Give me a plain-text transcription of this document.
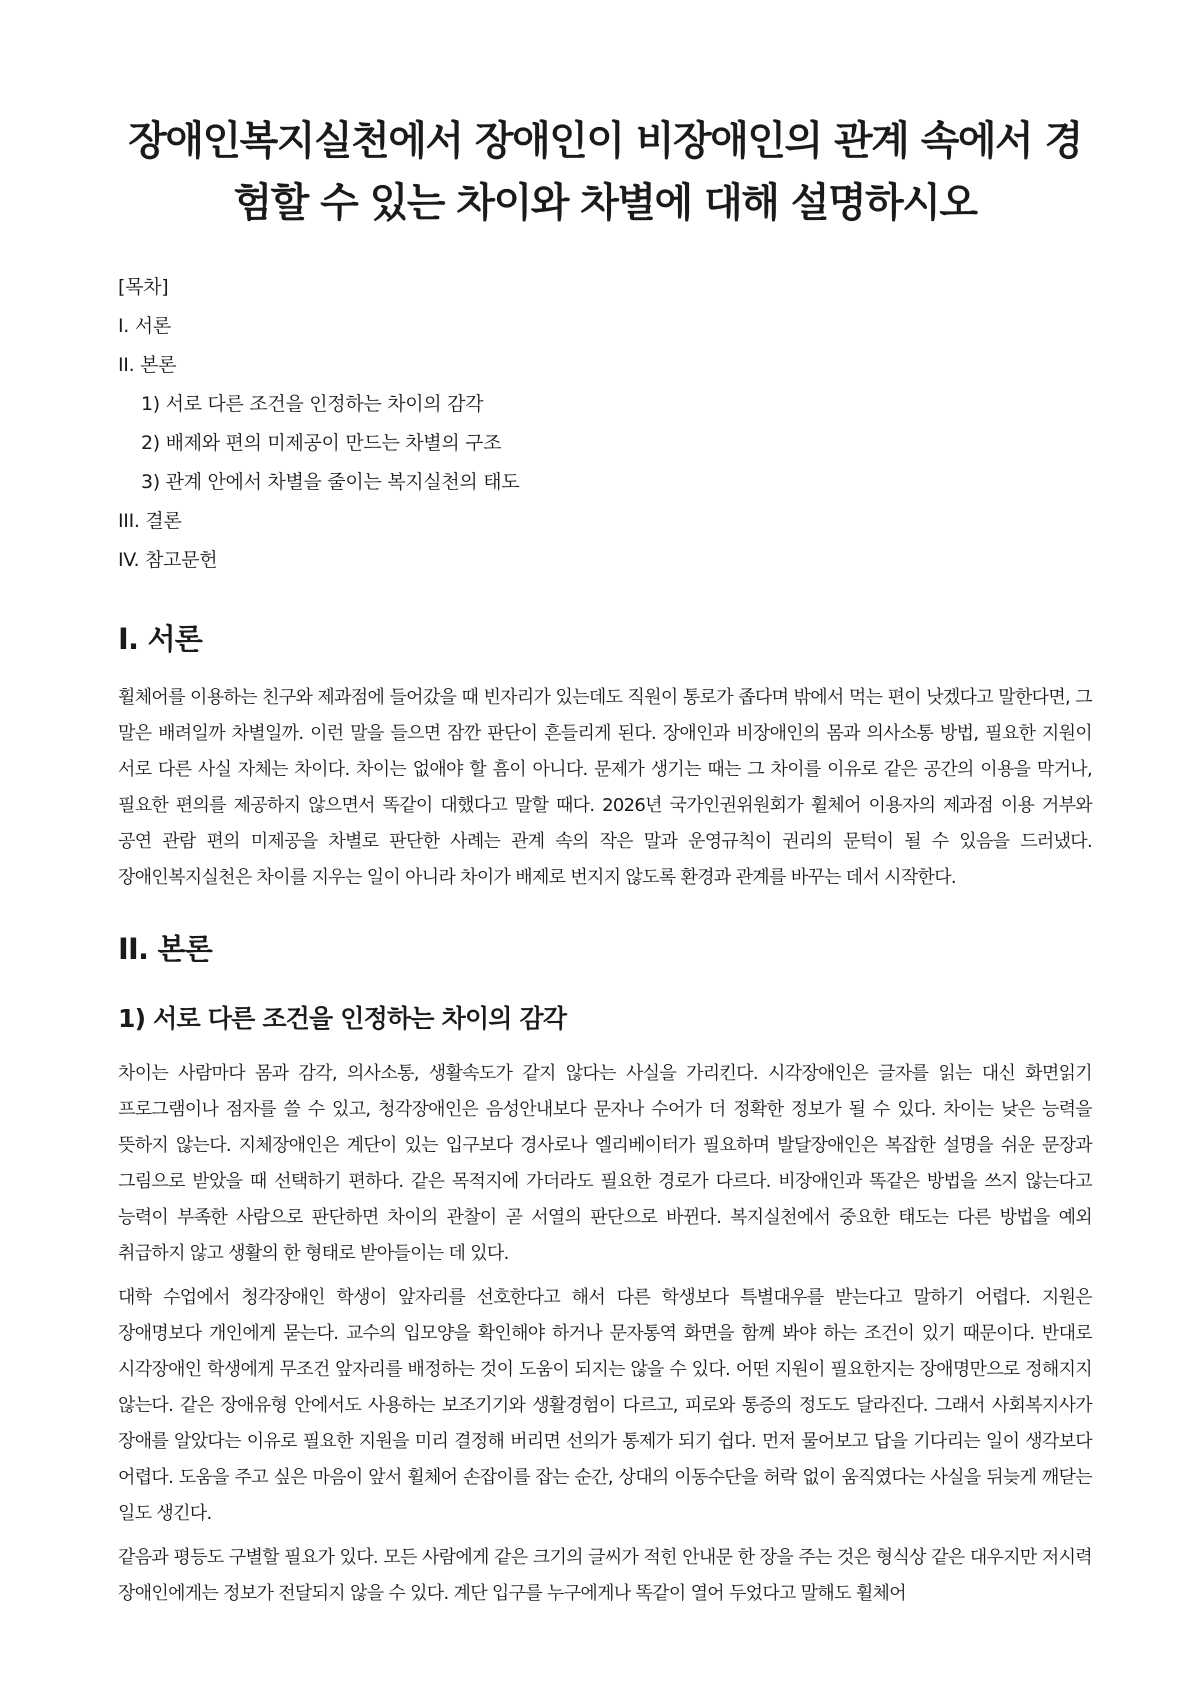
장애인복지실천에서 장애인이 비장애인의 관계 속에서 경험할 수 있는 차이와 차별에 대해 설명하시오
[목차]
I. 서론
II. 본론
1) 서로 다른 조건을 인정하는 차이의 감각
2) 배제와 편의 미제공이 만드는 차별의 구조
3) 관계 안에서 차별을 줄이는 복지실천의 태도
III. 결론
IV. 참고문헌
I. 서론

휠체어를 이용하는 친구와 제과점에 들어갔을 때 빈자리가 있는데도 직원이 통로가 좁다며 밖에서 먹는 편이 낫겠다고 말한다면, 그 말은 배려일까 차별일까. 이런 말을 들으면 잠깐 판단이 흔들리게 된다. 장애인과 비장애인의 몸과 의사소통 방법, 필요한 지원이 서로 다른 사실 자체는 차이다. 차이는 없애야 할 흠이 아니다. 문제가 생기는 때는 그 차이를 이유로 같은 공간의 이용을 막거나, 필요한 편의를 제공하지 않으면서 똑같이 대했다고 말할 때다. 2026년 국가인권위원회가 휠체어 이용자의 제과점 이용 거부와 공연 관람 편의 미제공을 차별로 판단한 사례는 관계 속의 작은 말과 운영규칙이 권리의 문턱이 될 수 있음을 드러냈다. 장애인복지실천은 차이를 지우는 일이 아니라 차이가 배제로 번지지 않도록 환경과 관계를 바꾸는 데서 시작한다.

II. 본론
1) 서로 다른 조건을 인정하는 차이의 감각

차이는 사람마다 몸과 감각, 의사소통, 생활속도가 같지 않다는 사실을 가리킨다. 시각장애인은 글자를 읽는 대신 화면읽기 프로그램이나 점자를 쓸 수 있고, 청각장애인은 음성안내보다 문자나 수어가 더 정확한 정보가 될 수 있다. 차이는 낮은 능력을 뜻하지 않는다. 지체장애인은 계단이 있는 입구보다 경사로나 엘리베이터가 필요하며 발달장애인은 복잡한 설명을 쉬운 문장과 그림으로 받았을 때 선택하기 편하다. 같은 목적지에 가더라도 필요한 경로가 다르다. 비장애인과 똑같은 방법을 쓰지 않는다고 능력이 부족한 사람으로 판단하면 차이의 관찰이 곧 서열의 판단으로 바뀐다. 복지실천에서 중요한 태도는 다른 방법을 예외 취급하지 않고 생활의 한 형태로 받아들이는 데 있다.

대학 수업에서 청각장애인 학생이 앞자리를 선호한다고 해서 다른 학생보다 특별대우를 받는다고 말하기 어렵다. 지원은 장애명보다 개인에게 묻는다. 교수의 입모양을 확인해야 하거나 문자통역 화면을 함께 봐야 하는 조건이 있기 때문이다. 반대로 시각장애인 학생에게 무조건 앞자리를 배정하는 것이 도움이 되지는 않을 수 있다. 어떤 지원이 필요한지는 장애명만으로 정해지지 않는다. 같은 장애유형 안에서도 사용하는 보조기기와 생활경험이 다르고, 피로와 통증의 정도도 달라진다. 그래서 사회복지사가 장애를 알았다는 이유로 필요한 지원을 미리 결정해 버리면 선의가 통제가 되기 쉽다. 먼저 물어보고 답을 기다리는 일이 생각보다 어렵다. 도움을 주고 싶은 마음이 앞서 휠체어 손잡이를 잡는 순간, 상대의 이동수단을 허락 없이 움직였다는 사실을 뒤늦게 깨닫는 일도 생긴다.

같음과 평등도 구별할 필요가 있다. 모든 사람에게 같은 크기의 글씨가 적힌 안내문 한 장을 주는 것은 형식상 같은 대우지만 저시력 장애인에게는 정보가 전달되지 않을 수 있다. 계단 입구를 누구에게나 똑같이 열어 두었다고 말해도 휠체어
